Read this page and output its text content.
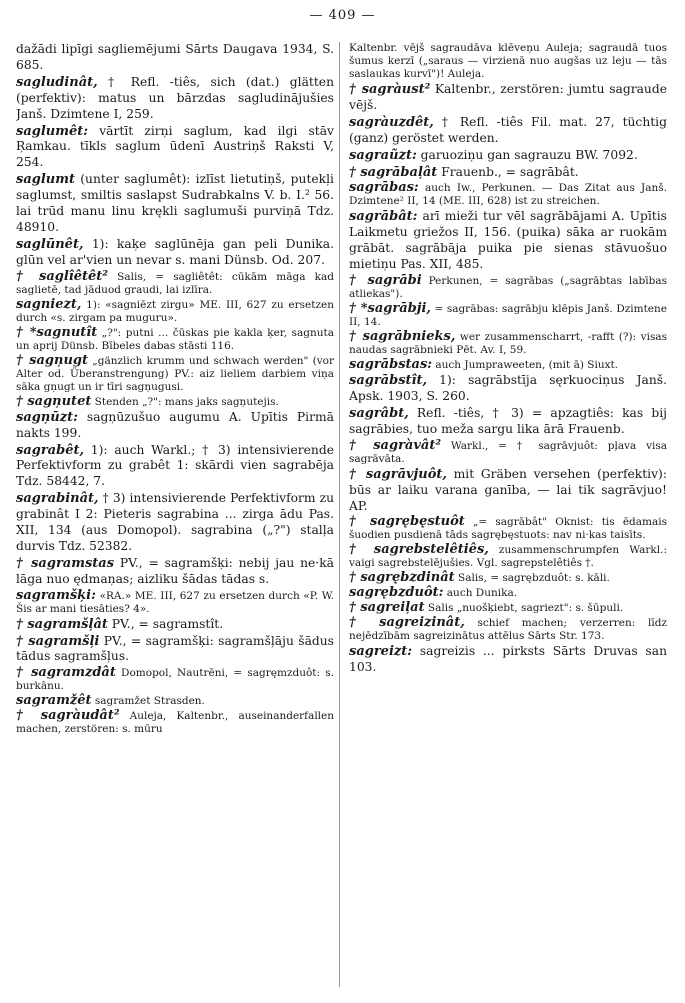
— 409 —

dažādi lipīgi sagliemējumi Sārts Daugava 1934, S. 685.

sagludinât, † Refl. -tiês, sich (dat.) glätten (perfektiv): matus un bārzdas sagludinājušies Janš. Dzimtene I, 259.

saglumêt: vārtīt zirņi saglum, kad ilgi stāv Ŗamkau. tīkls saglum ūdenī Austriņš Raksti V, 254.

saglumt (unter saglumêt): izlīst lietutiņš, putekļi saglumst, smiltis saslapst Sudrabkalns V. b. I.² 56. lai trūd manu linu krękli saglumuši purviņā Tdz. 48910.

saglūnêt, 1): kaķe saglūnēja gan peli Dunika. glūn vel ar'vien un nevar s. mani Dünsb. Od. 207.

† saglîêtêt² Salis, = sagliêtêt: cūkām māga kad saglietē, tad jāduod graudi, lai izlīra.

sagniezt, 1): «sagniēzt zirgu» ME. III, 627 zu ersetzen durch «s. zirgam pa muguru».

† *sagnutît „?": putni ... čūskas pie kakla ķer, sagnuta un aprij Dünsb. Bībeles dabas stāsti 116.

† sagņugt „gänzlich krumm und schwach werden" (vor Alter od. Überanstrengung) PV.: aiz lieliem darbiem viņa sāka gņugt un ir tīri sagņugusi.

† sagņutet Stenden „?": mans jaks sagņutejis.

sagņūzt: sagņūzušuo augumu A. Upītis Pirmā nakts 199.

sagrabêt, 1): auch Warkl.; † 3) intensivierende Perfektivform zu grabêt 1: skārdi vien sagrabēja Tdz. 58442, 7.

sagrabinât, † 3) intensivierende Perfektivform zu grabinât I 2: Pieteris sagrabina ... zirga ādu Pas. XII, 134 (aus Domopol). sagrabina („?") stalļa durvis Tdz. 52382.

† sagramstas PV., = sagramšķi: nebij jau ne·kā lāga nuo ędmaņas; aizliku šādas tādas s.

sagramšķi: «RA.» ME. III, 627 zu ersetzen durch «P. W. Šis ar mani tiesāties? 4».

† sagramšļât PV., = sagramstît.

† sagramšļi PV., = sagramšķi: sagramšļāju šādus tādus sagramšļus.

† sagramzdât Domopol, Nautrēni, = sagręmzduôt: s. burkānu.

sagramžêt sagramžet Strasden.

† sagràudât² Auleja, Kaltenbr., auseinanderfallen machen, zerstören: s. mūru

Kaltenbr. vējš sagraudāva klēveņu Auleja; sagraudā tuos šumus kerzī („saraus — virzienā nuo augšas uz leju — tās saslaukas kurvī")! Auleja.

† sagràust² Kaltenbr., zerstören: jumtu sagraude vējš.

sagràuzdêt, † Refl. -tiês Fil. mat. 27, tüchtig (ganz) geröstet werden.

sagraũzt: garuoziņu gan sagrauzu BW. 7092.

† sagrābaļât Frauenb., = sagrābât.

sagrābas: auch Iw., Perkunen. — Das Zitat aus Janš. Dzimtene² II, 14 (ME. III, 628) ist zu streichen.

sagrābât: arī mieži tur vēl sagrābājami A. Upītis Laikmetu griežos II, 156. (puika) sāka ar ruokām grābāt. sagrābāja puika pie sienas stāvuošuo mietiņu Pas. XII, 485.

† sagrābi Perkunen, = sagrābas („sagrābtas labības atliekas").

† *sagrābji, = sagrābas: sagrābju klēpis Janš. Dzimtene II, 14.

† sagrābnieks, wer zusammenscharrt, -rafft (?): visas naudas sagrābnieki Pēt. Av. I, 59.

sagrābstas: auch Jumpraweeten, (mit ā) Siuxt.

sagrābstît, 1): sagrābstīja sęrkuociņus Janš. Apsk. 1903, S. 260.

sagrâbt, Refl. -tiês, † 3) = apzagtiês: kas bij sagrābies, tuo meža sargu lika ārā Frauenb.

† sagràvât² Warkl., = † sagrāvjuôt: pļava visa sagrāvāta.

† sagrāvjuôt, mit Gräben versehen (perfektiv): būs ar laiku varana ganība, — lai tik sagrāvjuo! AP.

† sagrębęstuôt „= sagrābât" Oknist: tis ēdamais šuodien pusdienā tāds sagrębęstuots: nav ni·kas taisīts.

† sagrebstelêtiês, zusammenschrumpfen Warkl.: vaigi sagrebstelējušies. Vgl. sagrepstelêtiês †.

† sagrębzdinât Salis, = sagrębzduôt: s. kāli.

sagrębzduôt: auch Dunika.

† sagreiļat Salis „nuošķiebt, sagriezt": s. šūpuli.

† sagreizinât, schief machen; verzerren: līdz nejēdzībām sagreizinātus attēlus Sārts Str. 173.

sagreizt: sagreizis ... pirksts Sārts Druvas san 103.
